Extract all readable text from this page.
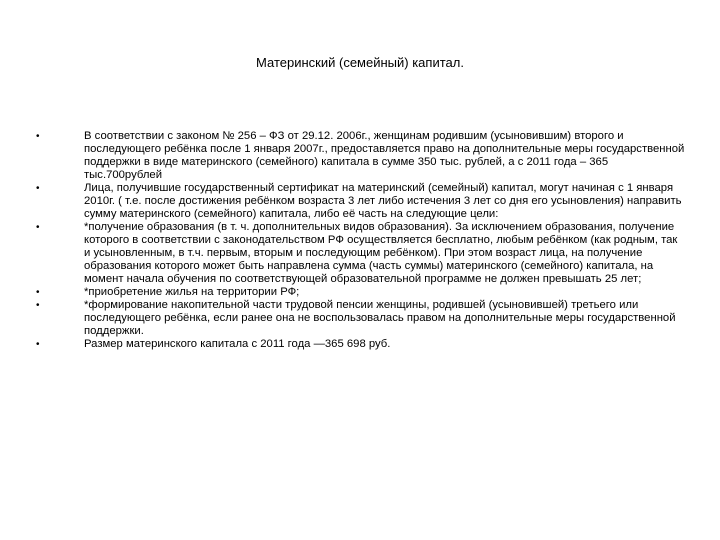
Материнский (семейный) капитал.
•	В соответствии с законом № 256 – ФЗ от 29.12. 2006г., женщинам родившим (усыновившим) второго и последующего ребёнка после 1 января 2007г., предоставляется право на дополнительные меры государственной поддержки в виде материнского (семейного) капитала в сумме 350 тыс. рублей, а с 2011 года – 365 тыс.700рублей
•	Лица, получившие государственный сертификат на материнский (семейный) капитал, могут начиная с 1 января 2010г. ( т.е. после достижения ребёнком возраста 3 лет либо истечения 3 лет со дня его усыновления) направить сумму материнского (семейного) капитала, либо её часть на следующие цели:
•	*получение образования (в т. ч. дополнительных видов образования). За исключением образования, получение которого в соответствии с законодательством РФ осуществляется бесплатно, любым ребёнком (как родным, так и усыновленным, в т.ч. первым, вторым и последующим ребёнком). При этом возраст лица, на получение образования которого может быть направлена сумма (часть суммы) материнского (семейного) капитала, на момент начала обучения по соответствующей образовательной программе не должен превышать 25 лет;
•	*приобретение жилья на территории РФ;
•	*формирование накопительной части трудовой пенсии женщины, родившей (усыновившей) третьего или последующего ребёнка, если ранее она не воспользовалась правом на дополнительные меры государственной поддержки.
•	Размер материнского капитала с 2011 года —365 698 руб.
